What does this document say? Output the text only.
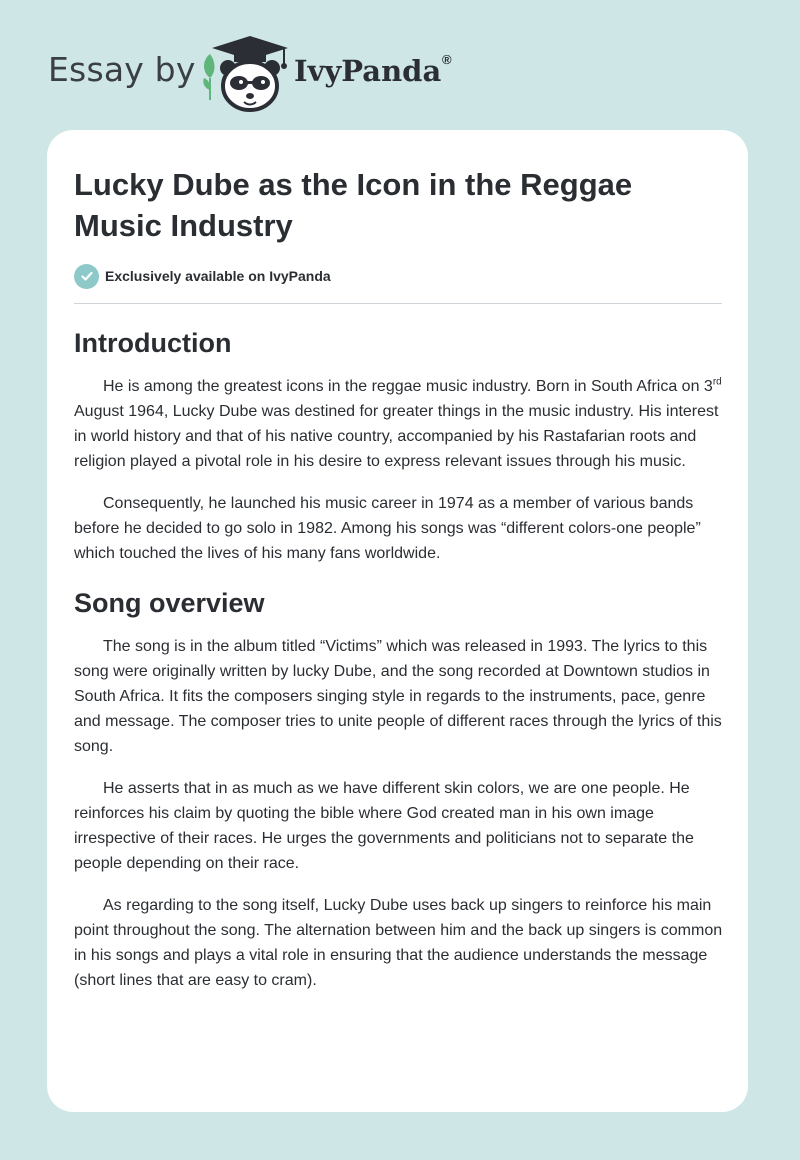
Essay by	IvyPanda ®
Lucky Dube as the Icon in the Reggae Music Industry
Exclusively available on IvyPanda
Introduction

He is among the greatest icons in the reggae music industry. Born in South Africa on 3rd August 1964, Lucky Dube was destined for greater things in the music industry. His interest in world history and that of his native country, accompanied by his Rastafarian roots and religion played a pivotal role in his desire to express relevant issues through his music.

Consequently, he launched his music career in 1974 as a member of various bands before he decided to go solo in 1982. Among his songs was “different colors-one people” which touched the lives of his many fans worldwide.

Song overview

The song is in the album titled “Victims” which was released in 1993. The lyrics to this song were originally written by lucky Dube, and the song recorded at Downtown studios in South Africa. It fits the composers singing style in regards to the instruments, pace, genre and message. The composer tries to unite people of different races through the lyrics of this song.

He asserts that in as much as we have different skin colors, we are one people. He reinforces his claim by quoting the bible where God created man in his own image irrespective of their races. He urges the governments and politicians not to separate the people depending on their race.

As regarding to the song itself, Lucky Dube uses back up singers to reinforce his main point throughout the song. The alternation between him and the back up singers is common in his songs and plays a vital role in ensuring that the audience understands the message (short lines that are easy to cram).
